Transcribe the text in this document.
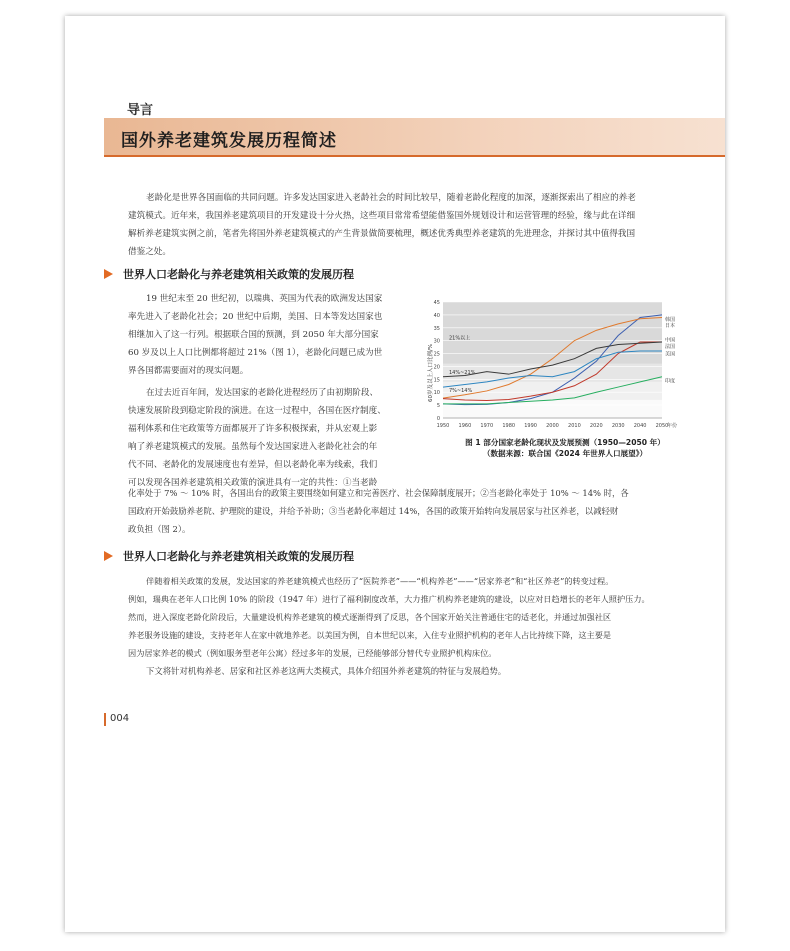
导言
国外养老建筑发展历程简述
老龄化是世界各国面临的共同问题。许多发达国家进入老龄社会的时间比较早，随着老龄化程度的加深，逐渐探索出了相应的养老
建筑模式。近年来，我国养老建筑项目的开发建设十分火热，这些项目常常希望能借鉴国外规划设计和运营管理的经验，缘与此在详细
解析养老建筑实例之前，笔者先将国外养老建筑模式的产生背景做简要梳理，概述优秀典型养老建筑的先进理念，并探讨其中值得我国
借鉴之处。
世界人口老龄化与养老建筑相关政策的发展历程
19 世纪末至 20 世纪初，以瑞典、英国为代表的欧洲发达国家
率先进入了老龄化社会；20 世纪中后期，美国、日本等发达国家也
相继加入了这一行列。根据联合国的预测，到 2050 年大部分国家
60 岁及以上人口比例都将超过 21%（图 1），老龄化问题已成为世
界各国都需要面对的现实问题。
在过去近百年间，发达国家的老龄化进程经历了由初期阶段、
快速发展阶段到稳定阶段的演进。在这一过程中，各国在医疗制度、
福利体系和住宅政策等方面都展开了许多积极探索，并从宏观上影
响了养老建筑模式的发展。虽然每个发达国家进入老龄化社会的年
代不同、老龄化的发展速度也有差异，但以老龄化率为线索，我们
可以发现各国养老建筑相关政策的演进具有一定的共性：①当老龄
化率处于 7% ～ 10% 时，各国出台的政策主要围绕如何建立和完善医疗、社会保障制度展开；②当老龄化率处于 10% ～ 14% 时，各
国政府开始鼓励养老院、护理院的建设，并给予补助；③当老龄化率超过 14%，各国的政策开始转向发展居家与社区养老，以减轻财
政负担（图 2）。
世界人口老龄化与养老建筑相关政策的发展历程
伴随着相关政策的发展，发达国家的养老建筑模式也经历了“医院养老”——“机构养老”——“居家养老”和“社区养老”的转变过程。
例如，瑞典在老年人口比例 10% 的阶段（1947 年）进行了福利制度改革，大力推广机构养老建筑的建设，以应对日趋增长的老年人照护压力。
然而，进入深度老龄化阶段后，大量建设机构养老建筑的模式逐渐得到了反思，各个国家开始关注普通住宅的适老化，并通过加强社区
养老服务设施的建设，支持老年人在家中就地养老。以美国为例，自本世纪以来，入住专业照护机构的老年人占比持续下降，这主要是
因为居家养老的模式（例如服务型老年公寓）经过多年的发展，已经能够部分替代专业照护机构床位。
下文将针对机构养老、居家和社区养老这两大类模式，具体介绍国外养老建筑的特征与发展趋势。
004
0
5
10
15
20
25
30
35
40
45
1950 1960 1970 1980 1990 2000 2010 2020 2030 2040 2050
年份
60岁及以上人口比例/%
21%以上
14%~21%
7%~14%
韩国
日本
中国
法国
美国
印度
图 1 部分国家老龄化现状及发展预测（1950—2050 年）
（数据来源：联合国《2024 年世界人口展望》）
